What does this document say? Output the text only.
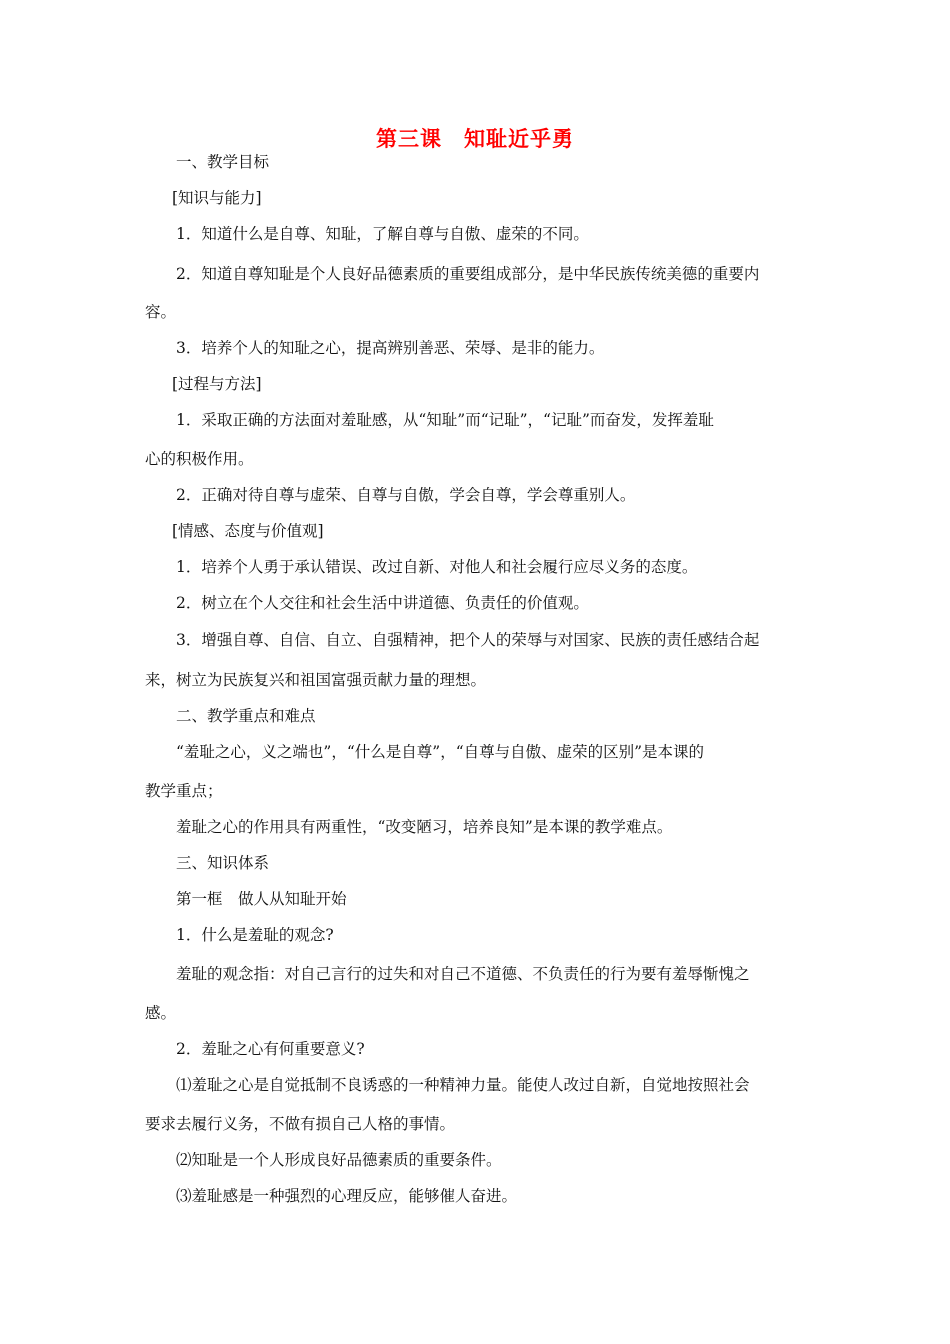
第三课　知耻近乎勇
一、教学目标
[知识与能力]
1．知道什么是自尊、知耻，了解自尊与自傲、虚荣的不同。
2．知道自尊知耻是个人良好品德素质的重要组成部分，是中华民族传统美德的重要内
容。
3．培养个人的知耻之心，提高辨别善恶、荣辱、是非的能力。
[过程与方法]
1．采取正确的方法面对羞耻感，从“知耻”而“记耻”，“记耻”而奋发，发挥羞耻
心的积极作用。
2．正确对待自尊与虚荣、自尊与自傲，学会自尊，学会尊重别人。
[情感、态度与价值观]
1．培养个人勇于承认错误、改过自新、对他人和社会履行应尽义务的态度。
2．树立在个人交往和社会生活中讲道德、负责任的价值观。
3．增强自尊、自信、自立、自强精神，把个人的荣辱与对国家、民族的责任感结合起
来，树立为民族复兴和祖国富强贡献力量的理想。
二、教学重点和难点
“羞耻之心，义之端也”，“什么是自尊”，“自尊与自傲、虚荣的区别”是本课的
教学重点；
羞耻之心的作用具有两重性，“改变陋习，培养良知”是本课的教学难点。
三、知识体系
第一框　做人从知耻开始
1．什么是羞耻的观念?
羞耻的观念指：对自己言行的过失和对自己不道德、不负责任的行为要有羞辱惭愧之
感。
2．羞耻之心有何重要意义?
⑴羞耻之心是自觉抵制不良诱惑的一种精神力量。能使人改过自新，自觉地按照社会
要求去履行义务，不做有损自己人格的事情。
⑵知耻是一个人形成良好品德素质的重要条件。
⑶羞耻感是一种强烈的心理反应，能够催人奋进。
